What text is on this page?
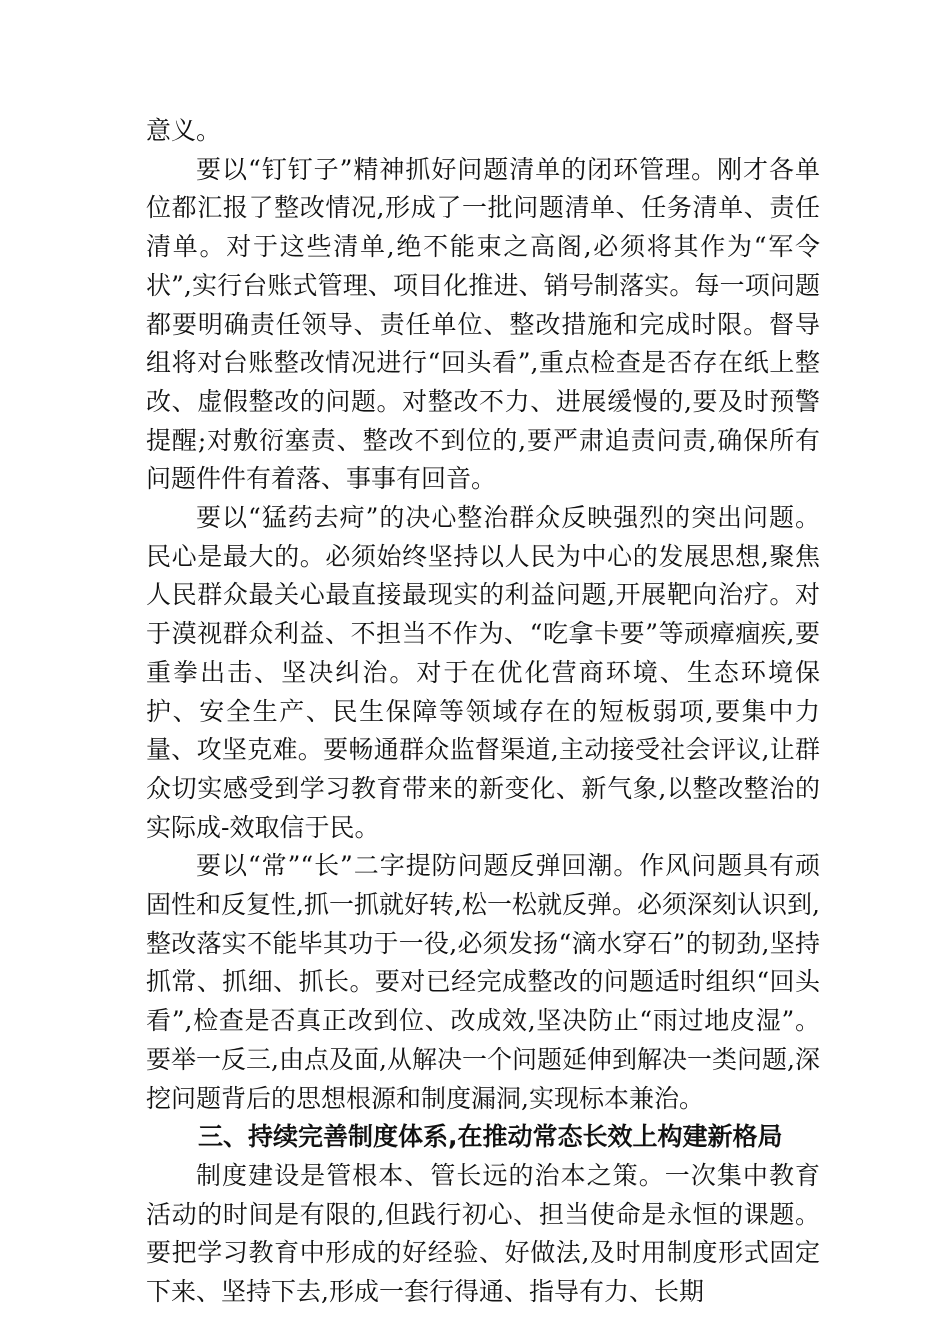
意义。

要以“钉钉子”精神抓好问题清单的闭环管理。刚才各单位都汇报了整改情况,形成了一批问题清单、任务清单、责任清单。对于这些清单,绝不能束之高阁,必须将其作为“军令状”,实行台账式管理、项目化推进、销号制落实。每一项问题都要明确责任领导、责任单位、整改措施和完成时限。督导组将对台账整改情况进行“回头看”,重点检查是否存在纸上整改、虚假整改的问题。对整改不力、进展缓慢的,要及时预警提醒;对敷衍塞责、整改不到位的,要严肃追责问责,确保所有问题件件有着落、事事有回音。

要以“猛药去疴”的决心整治群众反映强烈的突出问题。民心是最大的。必须始终坚持以人民为中心的发展思想,聚焦人民群众最关心最直接最现实的利益问题,开展靶向治疗。对于漠视群众利益、不担当不作为、“吃拿卡要”等顽瘴痼疾,要重拳出击、坚决纠治。对于在优化营商环境、生态环境保护、安全生产、民生保障等领域存在的短板弱项,要集中力量、攻坚克难。要畅通群众监督渠道,主动接受社会评议,让群众切实感受到学习教育带来的新变化、新气象,以整改整治的实际成-效取信于民。

要以“常”“长”二字提防问题反弹回潮。作风问题具有顽固性和反复性,抓一抓就好转,松一松就反弹。必须深刻认识到,整改落实不能毕其功于一役,必须发扬“滴水穿石”的韧劲,坚持抓常、抓细、抓长。要对已经完成整改的问题适时组织“回头看”,检查是否真正改到位、改成效,坚决防止“雨过地皮湿”。要举一反三,由点及面,从解决一个问题延伸到解决一类问题,深挖问题背后的思想根源和制度漏洞,实现标本兼治。

三、持续完善制度体系,在推动常态长效上构建新格局

制度建设是管根本、管长远的治本之策。一次集中教育活动的时间是有限的,但践行初心、担当使命是永恒的课题。要把学习教育中形成的好经验、好做法,及时用制度形式固定下来、坚持下去,形成一套行得通、指导有力、长期
